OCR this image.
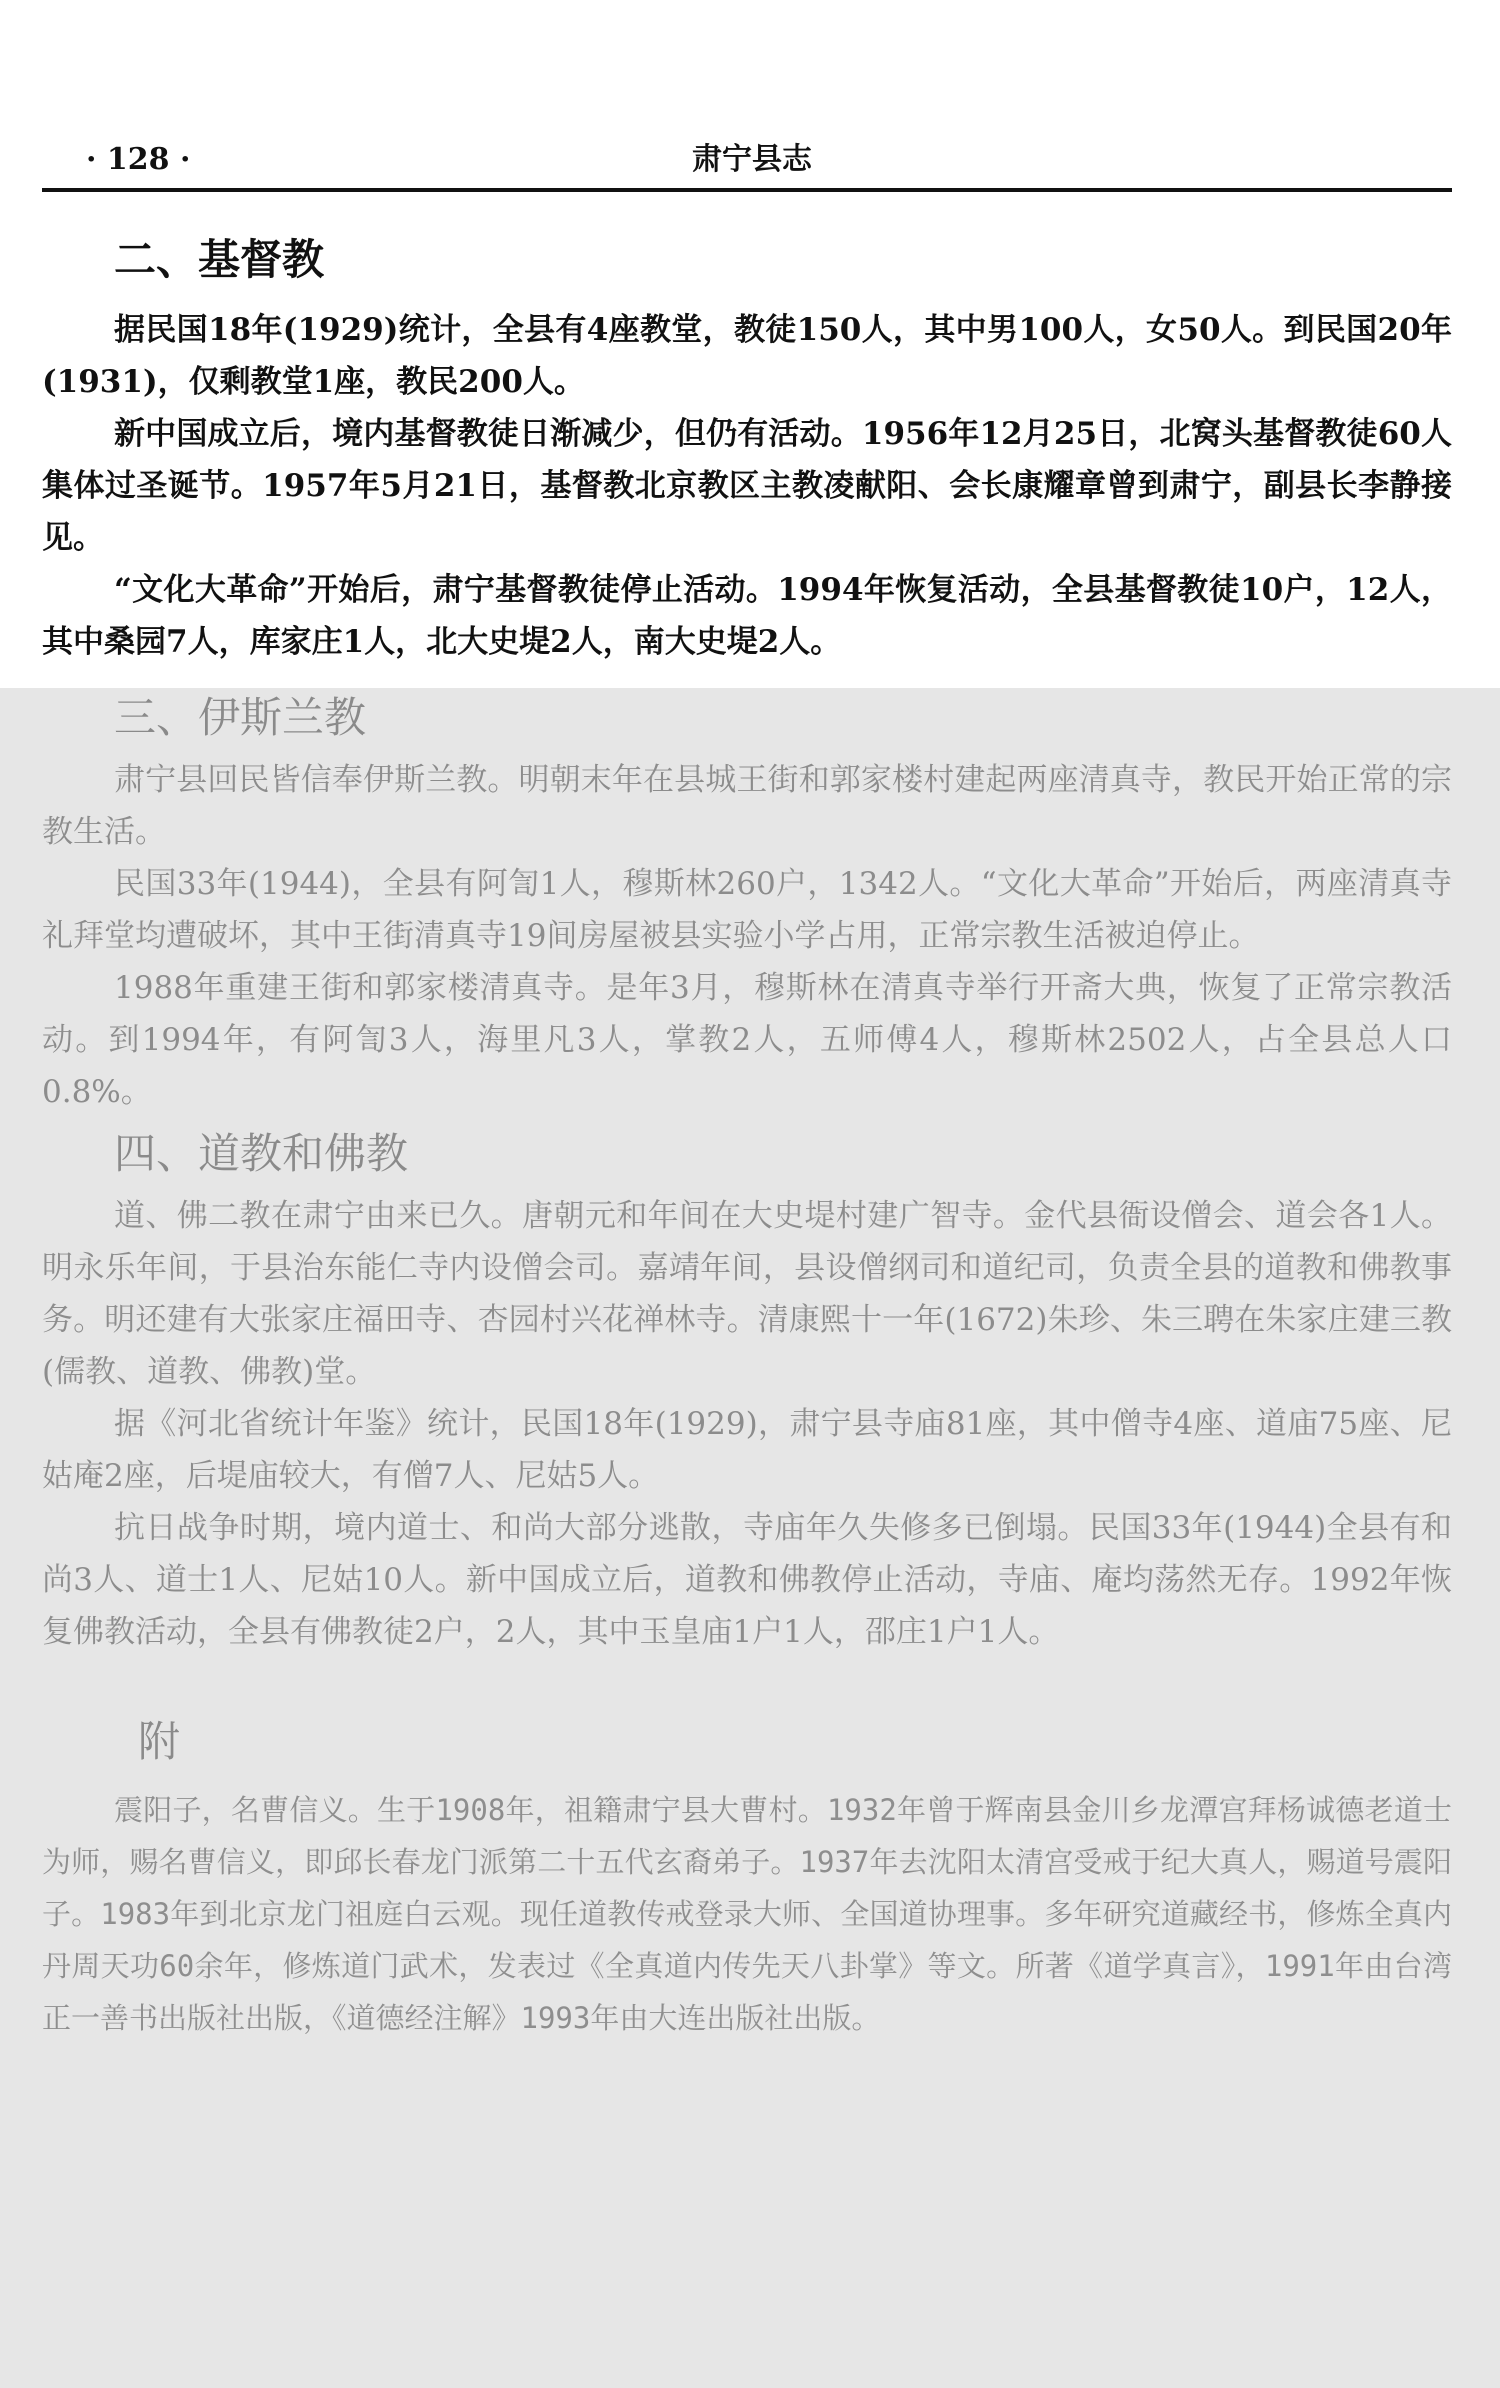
· 128 ·	肃宁县志
二、基督教

据民国18年(1929)统计，全县有4座教堂，教徒150人，其中男100人，女50人。到民国20年(1931)，仅剩教堂1座，教民200人。

新中国成立后，境内基督教徒日渐减少，但仍有活动。1956年12月25日，北窝头基督教徒60人集体过圣诞节。1957年5月21日，基督教北京教区主教凌献阳、会长康耀章曾到肃宁，副县长李静接见。

“文化大革命”开始后，肃宁基督教徒停止活动。1994年恢复活动，全县基督教徒10户，12人，其中桑园7人，库家庄1人，北大史堤2人，南大史堤2人。

三、伊斯兰教

肃宁县回民皆信奉伊斯兰教。明朝末年在县城王街和郭家楼村建起两座清真寺，教民开始正常的宗教生活。

民国33年(1944)，全县有阿訇1人，穆斯林260户，1342人。“文化大革命”开始后，两座清真寺礼拜堂均遭破坏，其中王街清真寺19间房屋被县实验小学占用，正常宗教生活被迫停止。

1988年重建王街和郭家楼清真寺。是年3月，穆斯林在清真寺举行开斋大典，恢复了正常宗教活动。到1994年，有阿訇3人，海里凡3人，掌教2人，五师傅4人，穆斯林2502人，占全县总人口0.8%。

四、道教和佛教

道、佛二教在肃宁由来已久。唐朝元和年间在大史堤村建广智寺。金代县衙设僧会、道会各1人。明永乐年间，于县治东能仁寺内设僧会司。嘉靖年间，县设僧纲司和道纪司，负责全县的道教和佛教事务。明还建有大张家庄福田寺、杏园村兴花禅林寺。清康熙十一年(1672)朱珍、朱三聘在朱家庄建三教(儒教、道教、佛教)堂。

据《河北省统计年鉴》统计，民国18年(1929)，肃宁县寺庙81座，其中僧寺4座、道庙75座、尼姑庵2座，后堤庙较大，有僧7人、尼姑5人。

抗日战争时期，境内道士、和尚大部分逃散，寺庙年久失修多已倒塌。民国33年(1944)全县有和尚3人、道士1人、尼姑10人。新中国成立后，道教和佛教停止活动，寺庙、庵均荡然无存。1992年恢复佛教活动，全县有佛教徒2户，2人，其中玉皇庙1户1人，邵庄1户1人。

附

震阳子，名曹信义。生于1908年，祖籍肃宁县大曹村。1932年曾于辉南县金川乡龙潭宫拜杨诚德老道士为师，赐名曹信义，即邱长春龙门派第二十五代玄裔弟子。1937年去沈阳太清宫受戒于纪大真人，赐道号震阳子。1983年到北京龙门祖庭白云观。现任道教传戒登录大师、全国道协理事。多年研究道藏经书，修炼全真内丹周天功60余年，修炼道门武术，发表过《全真道内传先天八卦掌》等文。所著《道学真言》，1991年由台湾正一善书出版社出版，《道德经注解》1993年由大连出版社出版。
